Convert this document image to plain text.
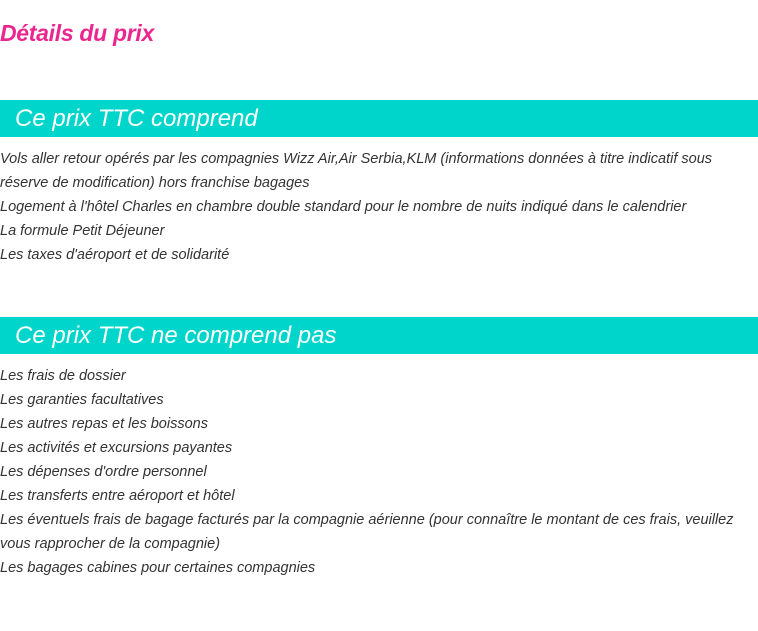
Détails du prix
Ce prix TTC comprend
Vols aller retour opérés par les compagnies Wizz Air,Air Serbia,KLM (informations données à titre indicatif sous réserve de modification) hors franchise bagages
Logement à l'hôtel Charles en chambre double standard pour le nombre de nuits indiqué dans le calendrier
La formule Petit Déjeuner
Les taxes d'aéroport et de solidarité
Ce prix TTC ne comprend pas
Les frais de dossier
Les garanties facultatives
Les autres repas et les boissons
Les activités et excursions payantes
Les dépenses d'ordre personnel
Les transferts entre aéroport et hôtel
Les éventuels frais de bagage facturés par la compagnie aérienne (pour connaître le montant de ces frais, veuillez vous rapprocher de la compagnie)
Les bagages cabines pour certaines compagnies
